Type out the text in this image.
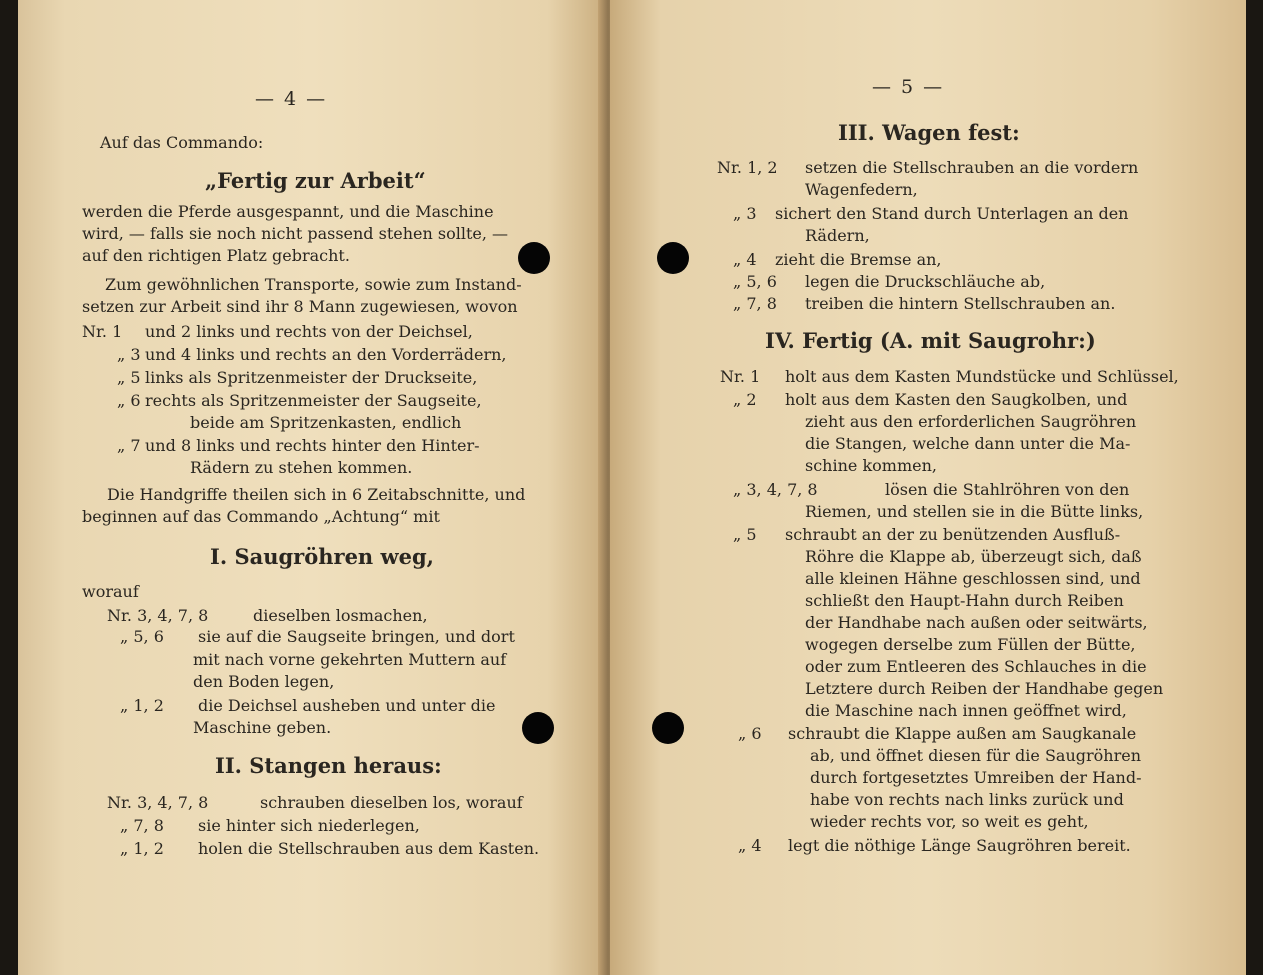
— 4 —
Auf das Commando:
„Fertig zur Arbeit“
werden die Pferde ausgespannt, und die Maschine
wird, — falls sie noch nicht passend stehen sollte, —
auf den richtigen Platz gebracht.
Zum gewöhnlichen Transporte, sowie zum Instand-
setzen zur Arbeit sind ihr 8 Mann zugewiesen, wovon
Nr. 1 und 2 links und rechts von der Deichsel,
„ 3 und 4 links und rechts an den Vorderrädern,
„ 5 links als Spritzenmeister der Druckseite,
„ 6 rechts als Spritzenmeister der Saugseite,
beide am Spritzenkasten, endlich
„ 7 und 8 links und rechts hinter den Hinter-
Rädern zu stehen kommen.
Die Handgriffe theilen sich in 6 Zeitabschnitte, und
beginnen auf das Commando „Achtung“ mit
I. Saugröhren weg,
worauf
Nr. 3, 4, 7, 8	dieselben losmachen,
„ 5, 6 sie auf die Saugseite bringen, und dort
mit nach vorne gekehrten Muttern auf
den Boden legen,
„ 1, 2 die Deichsel ausheben und unter die
Maschine geben.
II. Stangen heraus:
Nr. 3, 4, 7, 8	schrauben dieselben los, worauf
„ 7, 8 sie hinter sich niederlegen,
„ 1, 2 holen die Stellschrauben aus dem Kasten.
— 5 —
III. Wagen fest:
Nr. 1, 2 setzen die Stellschrauben an die vordern
Wagenfedern,
„ 3 sichert den Stand durch Unterlagen an den
Rädern,
„ 4 zieht die Bremse an,
„ 5, 6 legen die Druckschläuche ab,
„ 7, 8 treiben die hintern Stellschrauben an.
IV. Fertig (A. mit Saugrohr:)
Nr. 1 holt aus dem Kasten Mundstücke und Schlüssel,
„ 2 holt aus dem Kasten den Saugkolben, und
zieht aus den erforderlichen Saugröhren
die Stangen, welche dann unter die Ma-
schine kommen,
„ 3, 4, 7, 8	lösen die Stahlröhren von den
Riemen, und stellen sie in die Bütte links,
„ 5 schraubt an der zu benützenden Ausfluß-
Röhre die Klappe ab, überzeugt sich, daß
alle kleinen Hähne geschlossen sind, und
schließt den Haupt-Hahn durch Reiben
der Handhabe nach außen oder seitwärts,
wogegen derselbe zum Füllen der Bütte,
oder zum Entleeren des Schlauches in die
Letztere durch Reiben der Handhabe gegen
die Maschine nach innen geöffnet wird,
„ 6 schraubt die Klappe außen am Saugkanale
ab, und öffnet diesen für die Saugröhren
durch fortgesetztes Umreiben der Hand-
habe von rechts nach links zurück und
wieder rechts vor, so weit es geht,
„ 4 legt die nöthige Länge Saugröhren bereit.
